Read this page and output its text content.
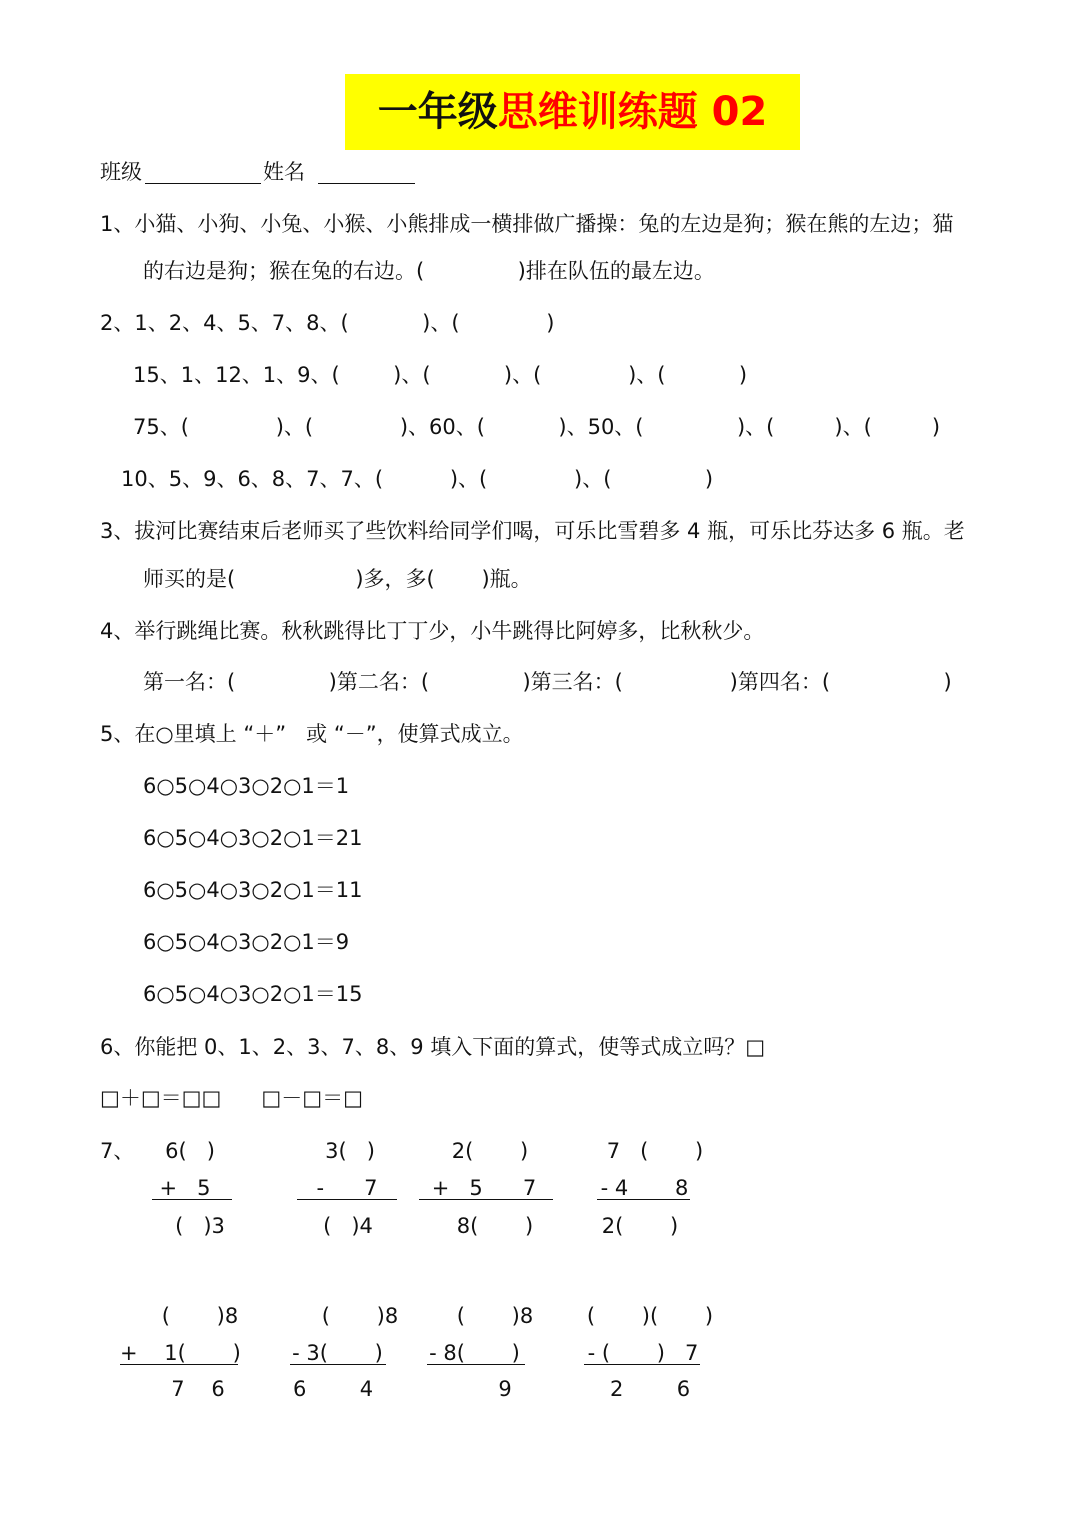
一年级思维训练题 02
班级	姓名
1、小猫、小狗、小兔、小猴、小熊排成一横排做广播操：兔的左边是狗；猴在熊的左边；猫
的右边是狗；猴在兔的右边。(              )排在队伍的最左边。
2、1、2、4、5、7、8、(           )、(             )
15、1、12、1、9、(        )、(           )、(             )、(           )
75、(             )、(             )、60、(           )、50、(              )、(         )、(         )
10、5、9、6、8、7、7、(          )、(             )、(              )
3、拔河比赛结束后老师买了些饮料给同学们喝，可乐比雪碧多 4 瓶，可乐比芬达多 6 瓶。老
师买的是(                  )多，多(       )瓶。
4、举行跳绳比赛。秋秋跳得比丁丁少，小牛跳得比阿婷多，比秋秋少。
第一名：(              )第二名：(              )第三名：(                )第四名：(                 )
5、在○里填上 “＋”   或 “－”，使算式成立。
6○5○4○3○2○1＝1
6○5○4○3○2○1＝21
6○5○4○3○2○1＝11
6○5○4○3○2○1＝9
6○5○4○3○2○1＝15
6、你能把 0、1、2、3、7、8、9 填入下面的算式，使等式成立吗？□
□＋□＝□□      □－□＝□
7、	6(   )
+   5
(   )3
3(   )
-      7
(   )4
2(       )
+   5      7
8(       )
7   (       )
- 4       8
2(       )
(       )8
+    1(       )
7    6
(       )8
- 3(       )
6        4
(       )8
- 8(       )
9
(       )(       )
- (       )   7
2        6
